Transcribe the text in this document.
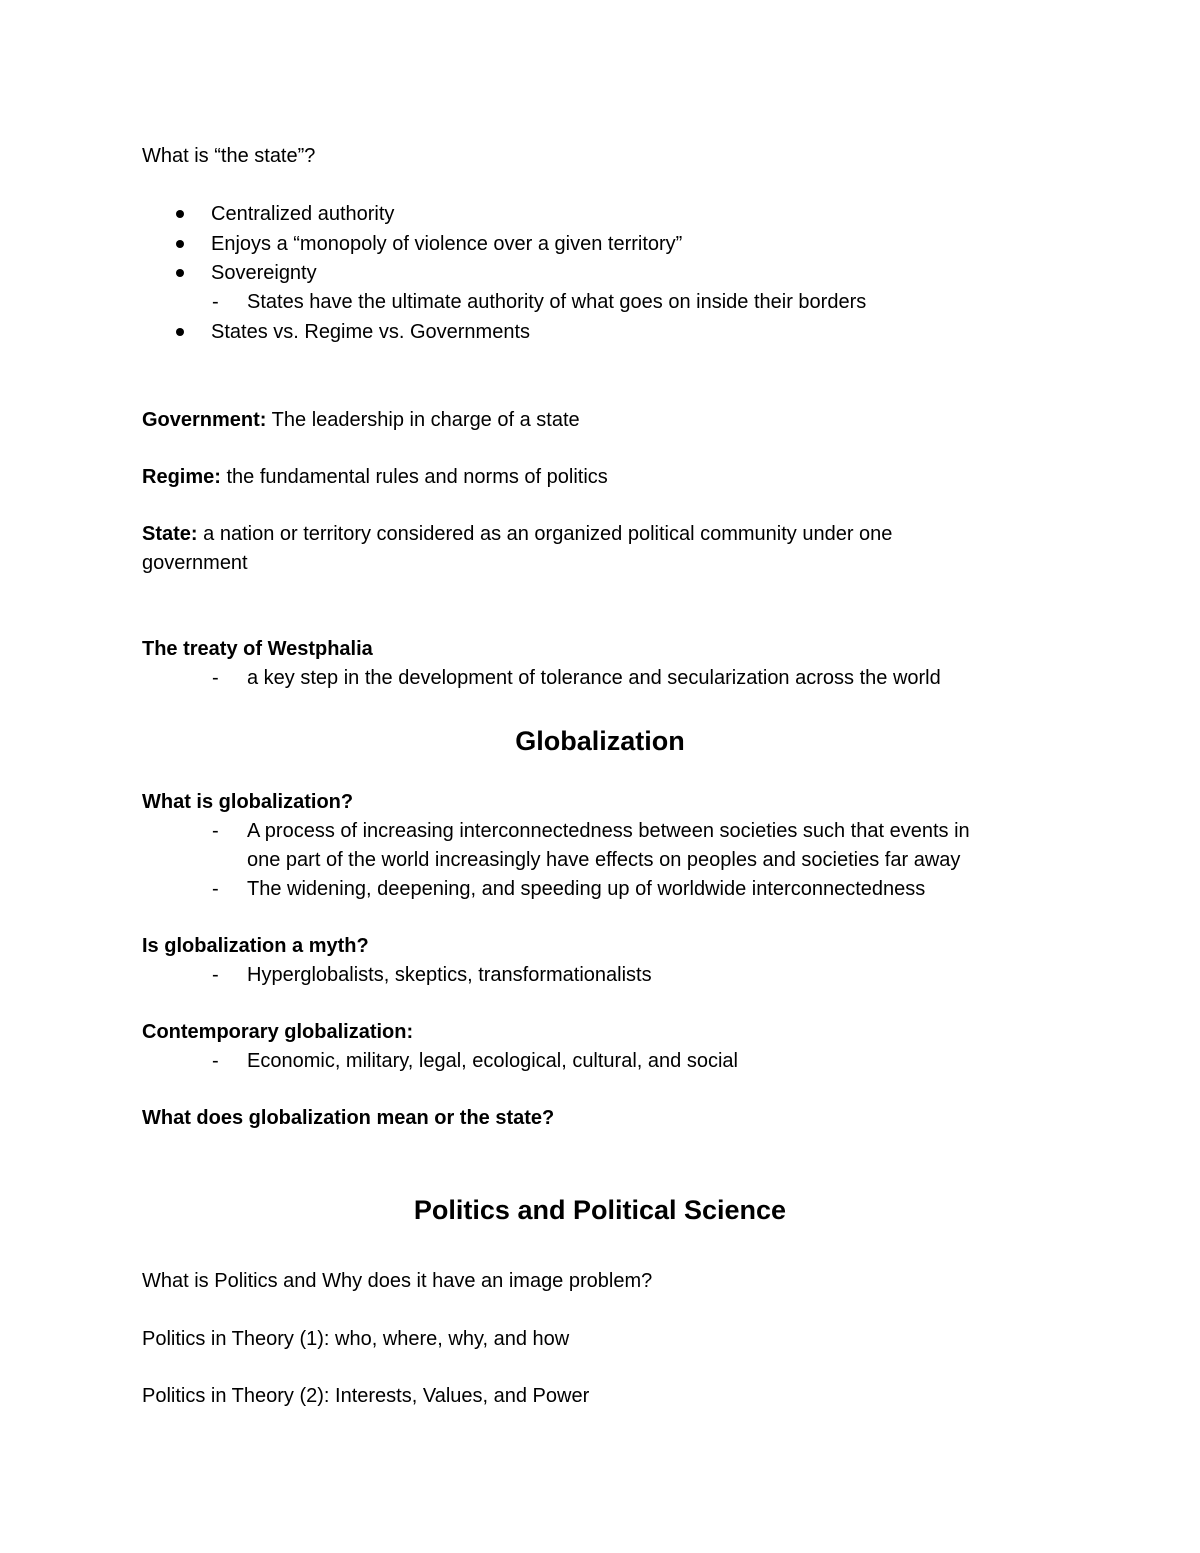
What is “the state”?
Centralized authority
Enjoys a “monopoly of violence over a given territory”
Sovereignty
- States have the ultimate authority of what goes on inside their borders
States vs. Regime vs. Governments
Government: The leadership in charge of a state
Regime: the fundamental rules and norms of politics
State: a nation or territory considered as an organized political community under one
government
The treaty of Westphalia
- a key step in the development of tolerance and secularization across the world
Globalization
What is globalization?
- A process of increasing interconnectedness between societies such that events in
one part of the world increasingly have effects on peoples and societies far away
- The widening, deepening, and speeding up of worldwide interconnectedness
Is globalization a myth?
- Hyperglobalists, skeptics, transformationalists
Contemporary globalization:
- Economic, military, legal, ecological, cultural, and social
What does globalization mean or the state?
Politics and Political Science
What is Politics and Why does it have an image problem?
Politics in Theory (1): who, where, why, and how
Politics in Theory (2): Interests, Values, and Power
